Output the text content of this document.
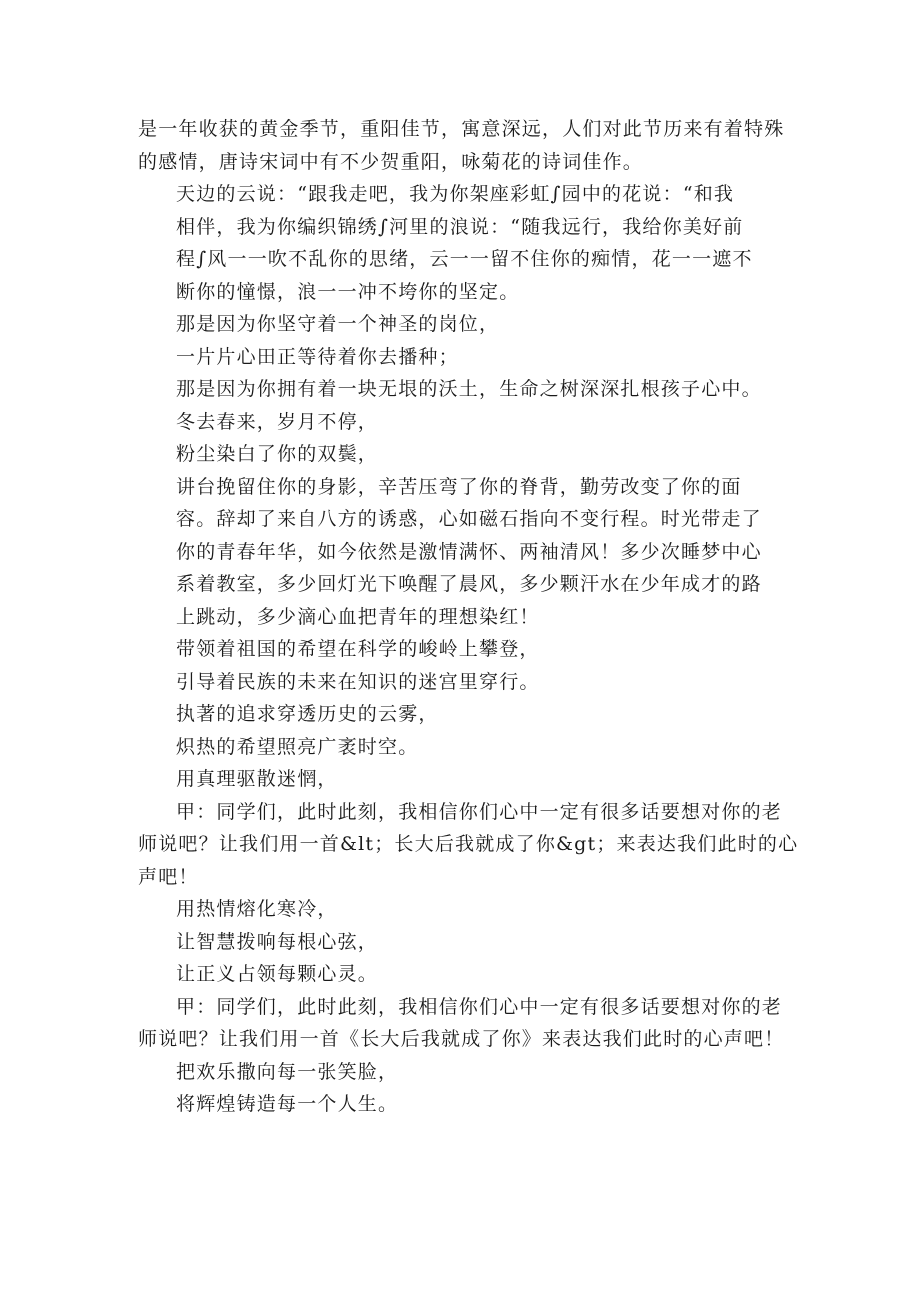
是一年收获的黄金季节，重阳佳节，寓意深远，人们对此节历来有着特殊
的感情，唐诗宋词中有不少贺重阳，咏菊花的诗词佳作。
天边的云说：“跟我走吧，我为你架座彩虹∫园中的花说：“和我
相伴，我为你编织锦绣∫河里的浪说：“随我远行，我给你美好前
程∫风一一吹不乱你的思绪，云一一留不住你的痴情，花一一遮不
断你的憧憬，浪一一冲不垮你的坚定。
那是因为你坚守着一个神圣的岗位，
一片片心田正等待着你去播种；
那是因为你拥有着一块无垠的沃土，生命之树深深扎根孩子心中。
冬去春来，岁月不停，
粉尘染白了你的双鬓，
讲台挽留住你的身影，辛苦压弯了你的脊背，勤劳改变了你的面
容。辞却了来自八方的诱惑，心如磁石指向不变行程。时光带走了
你的青春年华，如今依然是激情满怀、两袖清风！多少次睡梦中心
系着教室，多少回灯光下唤醒了晨风，多少颗汗水在少年成才的路
上跳动，多少滴心血把青年的理想染红！
带领着祖国的希望在科学的峻岭上攀登，
引导着民族的未来在知识的迷宫里穿行。
执著的追求穿透历史的云雾，
炽热的希望照亮广袤时空。
用真理驱散迷惘，
甲：同学们，此时此刻，我相信你们心中一定有很多话要想对你的老
师说吧？让我们用一首&lt；长大后我就成了你&gt；来表达我们此时的心
声吧！
用热情熔化寒冷，
让智慧拨响每根心弦，
让正义占领每颗心灵。
甲：同学们，此时此刻，我相信你们心中一定有很多话要想对你的老
师说吧？让我们用一首《长大后我就成了你》来表达我们此时的心声吧！
把欢乐撒向每一张笑脸，
将辉煌铸造每一个人生。
